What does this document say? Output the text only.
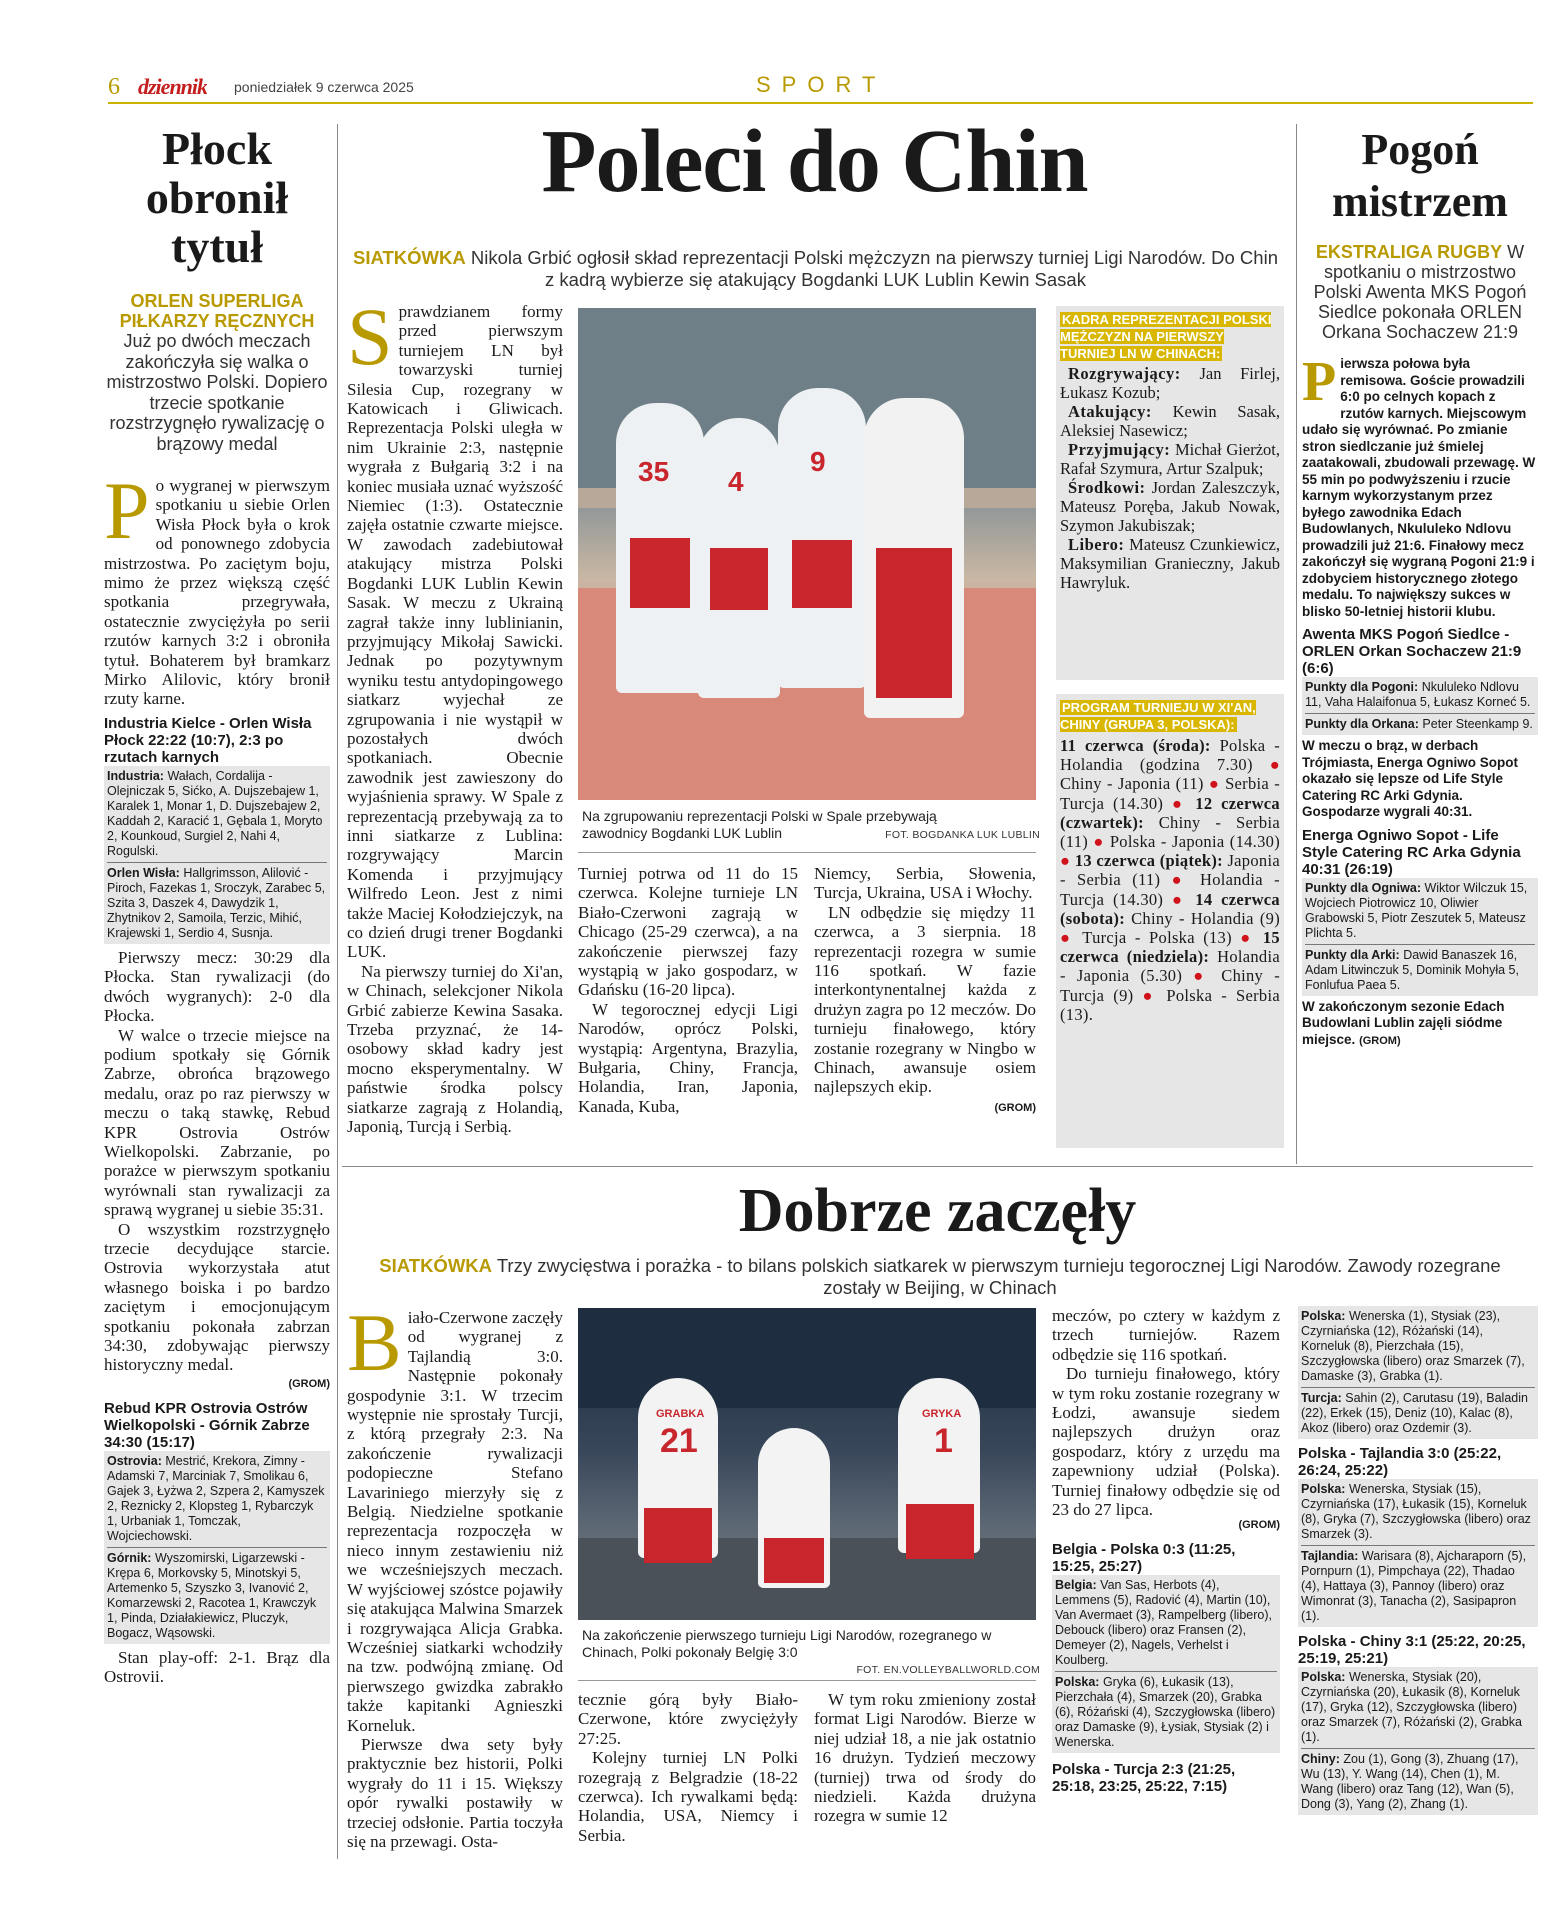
6 dziennik poniedziałek 9 czerwca 2025	SPORT
Płock obronił tytuł
ORLEN SUPERLIGA PIŁKARZY RĘCZNYCH
Już po dwóch meczach zakończyła się walka o mistrzostwo Polski. Dopiero trzecie spotkanie rozstrzygnęło rywalizację o brązowy medal
P o wygranej w pierwszym spotkaniu u siebie Orlen Wisła Płock była o krok od ponownego zdobycia mistrzostwa. Po zaciętym boju, mimo że przez większą część spotkania przegrywała, ostatecznie zwyciężyła po serii rzutów karnych 3:2 i obroniła tytuł. Bohaterem był bramkarz Mirko Alilovic, który bronił rzuty karne.
Industria Kielce - Orlen Wisła Płock 22:22 (10:7), 2:3 po rzutach karnych
Industria: Wałach, Cordalija - Olejniczak 5, Sićko, A. Dujszebajew 1, Karalek 1, Monar 1, D. Dujszebajew 2, Kaddah 2, Karacić 1, Gębala 1, Moryto 2, Kounkoud, Surgiel 2, Nahi 4, Rogulski.
Orlen Wisła: Hallgrimsson, Alilović - Piroch, Fazekas 1, Sroczyk, Zarabec 5, Szita 3, Daszek 4, Dawydzik 1, Zhytnikov 2, Samoila, Terzic, Mihić, Krajewski 1, Serdio 4, Susnja.
Pierwszy mecz: 30:29 dla Płocka. Stan rywalizacji (do dwóch wygranych): 2-0 dla Płocka.
W walce o trzecie miejsce na podium spotkały się Górnik Zabrze, obrońca brązowego medalu, oraz po raz pierwszy w meczu o taką stawkę, Rebud KPR Ostrovia Ostrów Wielkopolski. Zabrzanie, po porażce w pierwszym spotkaniu wyrównali stan rywalizacji za sprawą wygranej u siebie 35:31.
O wszystkim rozstrzygnęło trzecie decydujące starcie. Ostrovia wykorzystała atut własnego boiska i po bardzo zaciętym i emocjonującym spotkaniu pokonała zabrzan 34:30, zdobywając pierwszy historyczny medal.
(GROM)
Rebud KPR Ostrovia Ostrów Wielkopolski - Górnik Zabrze 34:30 (15:17)
Ostrovia: Mestrić, Krekora, Zimny - Adamski 7, Marciniak 7, Smolikau 6, Gajek 3, Łyżwa 2, Szpera 2, Kamyszek 2, Reznicky 2, Klopsteg 1, Rybarczyk 1, Urbaniak 1, Tomczak, Wojciechowski.
Górnik: Wyszomirski, Ligarzewski - Krępa 6, Morkovsky 5, Minotskyi 5, Artemenko 5, Szyszko 3, Ivanović 2, Komarzewski 2, Racotea 1, Krawczyk 1, Pinda, Działakiewicz, Pluczyk, Bogacz, Wąsowski.
Stan play-off: 2-1. Brąz dla Ostrovii.
Poleci do Chin
SIATKÓWKA Nikola Grbić ogłosił skład reprezentacji Polski mężczyzn na pierwszy turniej Ligi Narodów. Do Chin z kadrą wybierze się atakujący Bogdanki LUK Lublin Kewin Sasak
S prawdzianem formy przed pierwszym turniejem LN był towarzyski turniej Silesia Cup, rozegrany w Katowicach i Gliwicach. Reprezentacja Polski uległa w nim Ukrainie 2:3, następnie wygrała z Bułgarią 3:2 i na koniec musiała uznać wyższość Niemiec (1:3). Ostatecznie zajęła ostatnie czwarte miejsce. W zawodach zadebiutował atakujący mistrza Polski Bogdanki LUK Lublin Kewin Sasak. W meczu z Ukrainą zagrał także inny lublinianin, przyjmujący Mikołaj Sawicki. Jednak po pozytywnym wyniku testu antydopingowego siatkarz wyjechał ze zgrupowania i nie wystąpił w pozostałych dwóch spotkaniach. Obecnie zawodnik jest zawieszony do wyjaśnienia sprawy. W Spale z reprezentacją przebywają za to inni siatkarze z Lublina: rozgrywający Marcin Komenda i przyjmujący Wilfredo Leon. Jest z nimi także Maciej Kołodziejczyk, na co dzień drugi trener Bogdanki LUK.
Na pierwszy turniej do Xi'an, w Chinach, selekcjoner Nikola Grbić zabierze Kewina Sasaka. Trzeba przyznać, że 14-osobowy skład kadry jest mocno eksperymentalny. W państwie środka polscy siatkarze zagrają z Holandią, Japonią, Turcją i Serbią.
35 4
9
Na zgrupowaniu reprezentacji Polski w Spale przebywają zawodnicy Bogdanki LUK Lublin	FOT. BOGDANKA LUK LUBLIN
Turniej potrwa od 11 do 15 czerwca. Kolejne turnieje LN Biało-Czerwoni zagrają w Chicago (25-29 czerwca), a na zakończenie pierwszej fazy wystąpią w jako gospodarz, w Gdańsku (16-20 lipca).
W tegorocznej edycji Ligi Narodów, oprócz Polski, wystąpią: Argentyna, Brazylia, Bułgaria, Chiny, Francja, Holandia, Iran, Japonia, Kanada, Kuba,
Niemcy, Serbia, Słowenia, Turcja, Ukraina, USA i Włochy.
LN odbędzie się między 11 czerwca, a 3 sierpnia. 18 reprezentacji rozegra w sumie 116 spotkań. W fazie interkontynentalnej każda z drużyn zagra po 12 meczów. Do turnieju finałowego, który zostanie rozegrany w Ningbo w Chinach, awansuje osiem najlepszych ekip.
(GROM)
KADRA REPREZENTACJI POLSKI MĘŻCZYZN NA PIERWSZY TURNIEJ LN W CHINACH:
Rozgrywający: Jan Firlej, Łukasz Kozub;
Atakujący: Kewin Sasak, Aleksiej Nasewicz;
Przyjmujący: Michał Gierżot, Rafał Szymura, Artur Szalpuk;
Środkowi: Jordan Zaleszczyk, Mateusz Poręba, Jakub Nowak, Szymon Jakubiszak;
Libero: Mateusz Czunkiewicz, Maksymilian Granieczny, Jakub Hawryluk.
PROGRAM TURNIEJU W XI'AN, CHINY (GRUPA 3, POLSKA):
11 czerwca (środa): Polska - Holandia (godzina 7.30) ● Chiny - Japonia (11) ● Serbia - Turcja (14.30) ● 12 czerwca (czwartek): Chiny - Serbia (11) ● Polska - Japonia (14.30) ● 13 czerwca (piątek): Japonia - Serbia (11) ● Holandia - Turcja (14.30) ● 14 czerwca (sobota): Chiny - Holandia (9) ● Turcja - Polska (13) ● 15 czerwca (niedziela): Holandia - Japonia (5.30) ● Chiny - Turcja (9) ● Polska - Serbia (13).
Pogoń mistrzem
EKSTRALIGA RUGBY W spotkaniu o mistrzostwo Polski Awenta MKS Pogoń Siedlce pokonała ORLEN Orkana Sochaczew 21:9
P ierwsza połowa była remisowa. Goście prowadzili 6:0 po celnych kopach z rzutów karnych. Miejscowym udało się wyrównać. Po zmianie stron siedlczanie już śmielej zaatakowali, zbudowali przewagę. W 55 min po podwyższeniu i rzucie karnym wykorzystanym przez byłego zawodnika Edach Budowlanych, Nkululeko Ndlovu prowadzili już 21:6. Finałowy mecz zakończył się wygraną Pogoni 21:9 i zdobyciem historycznego złotego medalu. To największy sukces w blisko 50-letniej historii klubu.
Awenta MKS Pogoń Siedlce - ORLEN Orkan Sochaczew 21:9 (6:6)
Punkty dla Pogoni: Nkululeko Ndlovu 11, Vaha Halaifonua 5, Łukasz Korneć 5.
Punkty dla Orkana: Peter Steenkamp 9.
W meczu o brąz, w derbach Trójmiasta, Energa Ogniwo Sopot okazało się lepsze od Life Style Catering RC Arki Gdynia. Gospodarze wygrali 40:31.
Energa Ogniwo Sopot - Life Style Catering RC Arka Gdynia 40:31 (26:19)
Punkty dla Ogniwa: Wiktor Wilczuk 15, Wojciech Piotrowicz 10, Oliwier Grabowski 5, Piotr Zeszutek 5, Mateusz Plichta 5.
Punkty dla Arki: Dawid Banaszek 16, Adam Litwinczuk 5, Dominik Mohyła 5, Fonlufua Paea 5.
W zakończonym sezonie Edach Budowlani Lublin zajęli siódme miejsce. (GROM)
Dobrze zaczęły
SIATKÓWKA Trzy zwycięstwa i porażka - to bilans polskich siatkarek w pierwszym turnieju tegorocznej Ligi Narodów. Zawody rozegrane zostały w Beijing, w Chinach
B iało-Czerwone zaczęły od wygranej z Tajlandią 3:0. Następnie pokonały gospodynie 3:1. W trzecim występnie nie sprostały Turcji, z którą przegrały 2:3. Na zakończenie rywalizacji podopieczne Stefano Lavariniego mierzyły się z Belgią. Niedzielne spotkanie reprezentacja rozpoczęła w nieco innym zestawieniu niż we wcześniejszych meczach. W wyjściowej szóstce pojawiły się atakująca Malwina Smarzek i rozgrywająca Alicja Grabka. Wcześniej siatkarki wchodziły na tzw. podwójną zmianę. Od pierwszego gwizdka zabrakło także kapitanki Agnieszki Korneluk.
Pierwsze dwa sety były praktycznie bez historii, Polki wygrały do 11 i 15. Większy opór rywalki postawiły w trzeciej odsłonie. Partia toczyła się na przewagi. Osta-
GRABKA
21
GRYKA
1
Na zakończenie pierwszego turnieju Ligi Narodów, rozegranego w Chinach, Polki pokonały Belgię 3:0
FOT. EN.VOLLEYBALLWORLD.COM
tecznie górą były Biało-Czerwone, które zwyciężyły 27:25.
Kolejny turniej LN Polki rozegrają z Belgradzie (18-22 czerwca). Ich rywalkami będą: Holandia, USA, Niemcy i Serbia.
W tym roku zmieniony został format Ligi Narodów. Bierze w niej udział 18, a nie jak ostatnio 16 drużyn. Tydzień meczowy (turniej) trwa od środy do niedzieli. Każda drużyna rozegra w sumie 12
meczów, po cztery w każdym z trzech turniejów. Razem odbędzie się 116 spotkań.
Do turnieju finałowego, który w tym roku zostanie rozegrany w Łodzi, awansuje siedem najlepszych drużyn oraz gospodarz, który z urzędu ma zapewniony udział (Polska). Turniej finałowy odbędzie się od 23 do 27 lipca.
(GROM)
Belgia - Polska 0:3 (11:25, 15:25, 25:27)
Belgia: Van Sas, Herbots (4), Lemmens (5), Radović (4), Martin (10), Van Avermaet (3), Rampelberg (libero), Debouck (libero) oraz Fransen (2), Demeyer (2), Nagels, Verhelst i Koulberg.
Polska: Gryka (6), Łukasik (13), Pierzchała (4), Smarzek (20), Grabka (6), Różański (4), Szczygłowska (libero) oraz Damaske (9), Łysiak, Stysiak (2) i Wenerska.
Polska - Turcja 2:3 (21:25, 25:18, 23:25, 25:22, 7:15)
Polska: Wenerska (1), Stysiak (23), Czyrniańska (12), Różański (14), Korneluk (8), Pierzchała (15), Szczygłowska (libero) oraz Smarzek (7), Damaske (3), Grabka (1).
Turcja: Sahin (2), Carutasu (19), Baladin (22), Erkek (15), Deniz (10), Kalac (8), Akoz (libero) oraz Ozdemir (3).
Polska - Tajlandia 3:0 (25:22, 26:24, 25:22)
Polska: Wenerska, Stysiak (15), Czyrniańska (17), Łukasik (15), Korneluk (8), Gryka (7), Szczygłowska (libero) oraz Smarzek (3).
Tajlandia: Warisara (8), Ajcharaporn (5), Pornpurn (1), Pimpchaya (22), Thadao (4), Hattaya (3), Pannoy (libero) oraz Wimonrat (3), Tanacha (2), Sasipapron (1).
Polska - Chiny 3:1 (25:22, 20:25, 25:19, 25:21)
Polska: Wenerska, Stysiak (20), Czyrniańska (20), Łukasik (8), Korneluk (17), Gryka (12), Szczygłowska (libero) oraz Smarzek (7), Różański (2), Grabka (1).
Chiny: Zou (1), Gong (3), Zhuang (17), Wu (13), Y. Wang (14), Chen (1), M. Wang (libero) oraz Tang (12), Wan (5), Dong (3), Yang (2), Zhang (1).
